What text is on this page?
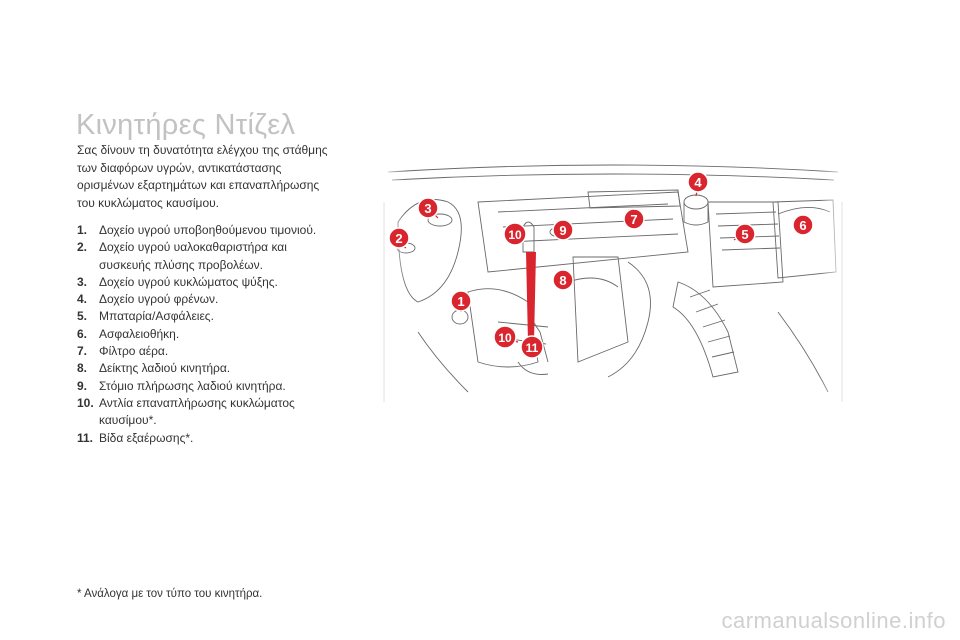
Κινητήρες Ντίζελ
Σας δίνουν τη δυνατότητα ελέγχου της στάθμης
των διαφόρων υγρών, αντικατάστασης
ορισμένων εξαρτημάτων και επαναπλήρωσης
του κυκλώματος καυσίμου.
1. Δοχείο υγρού υποβοηθούμενου τιμονιού.
2. Δοχείο υγρού υαλοκαθαριστήρα και
συσκευής πλύσης προβολέων.
3. Δοχείο υγρού κυκλώματος ψύξης.
4. Δοχείο υγρού φρένων.
5. Μπαταρία/Ασφάλειες.
6. Ασφαλειοθήκη.
7. Φίλτρο αέρα.
8. Δείκτης λαδιού κινητήρα.
9. Στόμιο πλήρωσης λαδιού κινητήρα.
10. Αντλία επαναπλήρωσης κυκλώματος
καυσίμου*.
11. Βίδα εξαέρωσης*.
1
2
3
4
5
6
7
8
9
10
10
11
* Ανάλογα με τον τύπο του κινητήρα.
carmanualsonline.info
